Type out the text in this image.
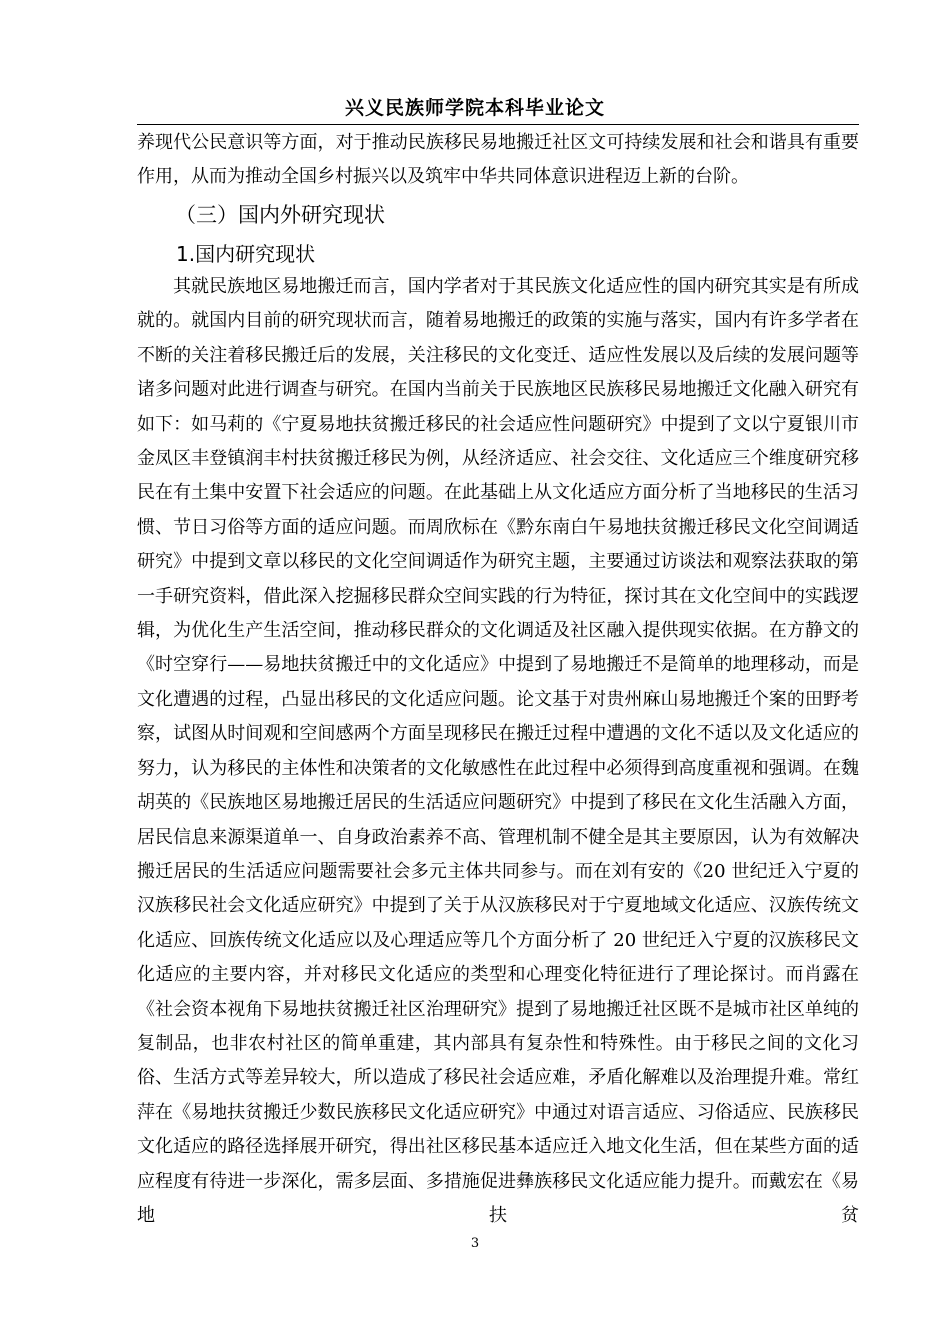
兴义民族师学院本科毕业论文

养现代公民意识等方面，对于推动民族移民易地搬迁社区文可持续发展和社会和谐具有重要作用，从而为推动全国乡村振兴以及筑牢中华共同体意识进程迈上新的台阶。

（三）国内外研究现状
1.国内研究现状

其就民族地区易地搬迁而言，国内学者对于其民族文化适应性的国内研究其实是有所成就的。就国内目前的研究现状而言，随着易地搬迁的政策的实施与落实，国内有许多学者在不断的关注着移民搬迁后的发展，关注移民的文化变迁、适应性发展以及后续的发展问题等诸多问题对此进行调查与研究。在国内当前关于民族地区民族移民易地搬迁文化融入研究有如下：如马莉的《宁夏易地扶贫搬迁移民的社会适应性问题研究》中提到了文以宁夏银川市金凤区丰登镇润丰村扶贫搬迁移民为例，从经济适应、社会交往、文化适应三个维度研究移民在有土集中安置下社会适应的问题。在此基础上从文化适应方面分析了当地移民的生活习惯、节日习俗等方面的适应问题。而周欣标在《黔东南白午易地扶贫搬迁移民文化空间调适研究》中提到文章以移民的文化空间调适作为研究主题，主要通过访谈法和观察法获取的第一手研究资料，借此深入挖掘移民群众空间实践的行为特征，探讨其在文化空间中的实践逻辑，为优化生产生活空间，推动移民群众的文化调适及社区融入提供现实依据。在方静文的《时空穿行——易地扶贫搬迁中的文化适应》中提到了易地搬迁不是简单的地理移动，而是文化遭遇的过程，凸显出移民的文化适应问题。论文基于对贵州麻山易地搬迁个案的田野考察，试图从时间观和空间感两个方面呈现移民在搬迁过程中遭遇的文化不适以及文化适应的努力，认为移民的主体性和决策者的文化敏感性在此过程中必须得到高度重视和强调。在魏胡英的《民族地区易地搬迁居民的生活适应问题研究》中提到了移民在文化生活融入方面，居民信息来源渠道单一、自身政治素养不高、管理机制不健全是其主要原因，认为有效解决搬迁居民的生活适应问题需要社会多元主体共同参与。而在刘有安的《20 世纪迁入宁夏的汉族移民社会文化适应研究》中提到了关于从汉族移民对于宁夏地域文化适应、汉族传统文化适应、回族传统文化适应以及心理适应等几个方面分析了 20 世纪迁入宁夏的汉族移民文化适应的主要内容，并对移民文化适应的类型和心理变化特征进行了理论探讨。而肖露在《社会资本视角下易地扶贫搬迁社区治理研究》提到了易地搬迁社区既不是城市社区单纯的复制品，也非农村社区的简单重建，其内部具有复杂性和特殊性。由于移民之间的文化习俗、生活方式等差异较大，所以造成了移民社会适应难，矛盾化解难以及治理提升难。常红萍在《易地扶贫搬迁少数民族移民文化适应研究》中通过对语言适应、习俗适应、民族移民文化适应的路径选择展开研究，得出社区移民基本适应迁入地文化生活，但在某些方面的适应程度有待进一步深化，需多层面、多措施促进彝族移民文化适应能力提升。而戴宏在《易地扶贫

3
